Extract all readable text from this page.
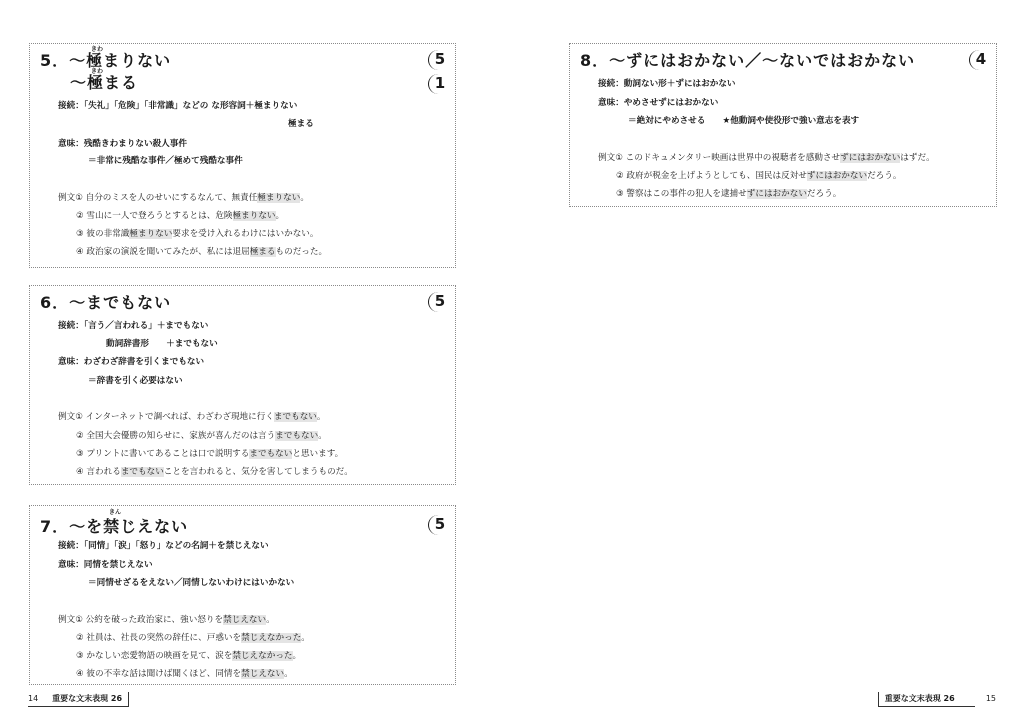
5．～極まりない
～極まる
きわ
きわ
5
1
接続：「失礼」「危険」「非常識」などの な形容詞＋極まりない
極まる
意味：残酷きわまりない殺人事件
＝非常に残酷な事件／極めて残酷な事件
例文① 自分のミスを人のせいにするなんて、無責任極まりない。
② 雪山に一人で登ろうとするとは、危険極まりない。
③ 彼の非常識極まりない要求を受け入れるわけにはいかない。
④ 政治家の演説を聞いてみたが、私には退屈極まるものだった。
6．～までもない	5
接続：「言う／言われる」＋までもない
動詞辞書形　　＋までもない
意味：わざわざ辞書を引くまでもない
＝辞書を引く必要はない
例文① インターネットで調べれば、わざわざ現地に行くまでもない。
② 全国大会優勝の知らせに、家族が喜んだのは言うまでもない。
③ プリントに書いてあることは口で説明するまでもないと思います。
④ 言われるまでもないことを言われると、気分を害してしまうものだ。
7．～を禁じえない
きん
5
接続：「同情」「涙」「怒り」などの名詞＋を禁じえない
意味：同情を禁じえない
＝同情せざるをえない／同情しないわけにはいかない
例文① 公約を破った政治家に、強い怒りを禁じえない。
② 社員は、社長の突然の辞任に、戸惑いを禁じえなかった。
③ かなしい恋愛物語の映画を見て、涙を禁じえなかった。
④ 彼の不幸な話は聞けば聞くほど、同情を禁じえない。
8．～ずにはおかない／～ないではおかない	4
接続：動詞ない形＋ずにはおかない
意味：やめさせずにはおかない
＝絶対にやめさせる　　★他動詞や使役形で強い意志を表す
例文① このドキュメンタリー映画は世界中の視聴者を感動させずにはおかないはずだ。
② 政府が税金を上げようとしても、国民は反対せずにはおかないだろう。
③ 警察はこの事件の犯人を逮捕せずにはおかないだろう。
14 重要な文末表現 26	重要な文末表現 26	15
